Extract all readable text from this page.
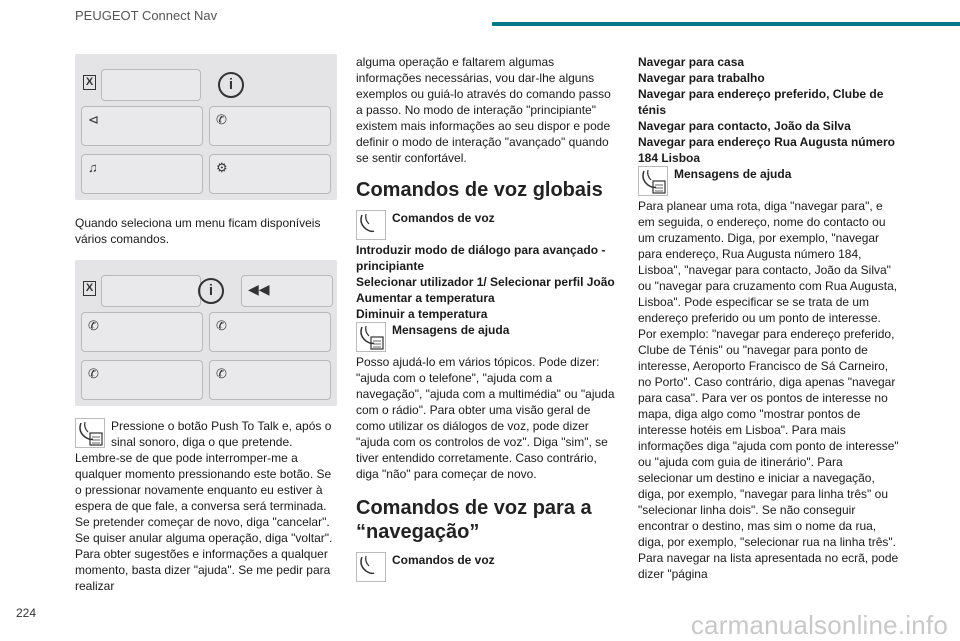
PEUGEOT Connect Nav
X	i
⊲	✆
♫	⚙

Quando seleciona um menu ficam disponíveis vários comandos.

X	i	◀◀
✆	✆
✆	✆

Pressione o botão Push To Talk e, após o sinal sonoro, diga o que pretende.

Lembre-se de que pode interromper-me a qualquer momento pressionando este botão. Se o pressionar novamente enquanto eu estiver à espera de que fale, a conversa será terminada. Se pretender começar de novo, diga "cancelar". Se quiser anular alguma operação, diga "voltar". Para obter sugestões e informações a qualquer momento, basta dizer "ajuda". Se me pedir para realizar

alguma operação e faltarem algumas informações necessárias, vou dar-lhe alguns exemplos ou guiá-lo através do comando passo a passo. No modo de interação "principiante" existem mais informações ao seu dispor e pode definir o modo de interação "avançado" quando se sentir confortável.

Comandos de voz globais

Comandos de voz

Introduzir modo de diálogo para avançado - principiante

Selecionar utilizador 1/ Selecionar perfil João

Aumentar a temperatura

Diminuir a temperatura

Mensagens de ajuda

Posso ajudá-lo em vários tópicos. Pode dizer: "ajuda com o telefone", "ajuda com a navegação", "ajuda com a multimédia" ou "ajuda com o rádio". Para obter uma visão geral de como utilizar os diálogos de voz, pode dizer "ajuda com os controlos de voz". Diga "sim", se tiver entendido corretamente. Caso contrário, diga "não" para começar de novo.

Comandos de voz para a “navegação”

Comandos de voz

Navegar para casa

Navegar para trabalho

Navegar para endereço preferido, Clube de ténis

Navegar para contacto, João da Silva

Navegar para endereço Rua Augusta número 184 Lisboa

Mensagens de ajuda

Para planear uma rota, diga "navegar para", e em seguida, o endereço, nome do contacto ou um cruzamento. Diga, por exemplo, "navegar para endereço, Rua Augusta número 184, Lisboa", "navegar para contacto, João da Silva" ou "navegar para cruzamento com Rua Augusta, Lisboa". Pode especificar se se trata de um endereço preferido ou um ponto de interesse. Por exemplo: "navegar para endereço preferido, Clube de Ténis" ou "navegar para ponto de interesse, Aeroporto Francisco de Sá Carneiro, no Porto". Caso contrário, diga apenas "navegar para casa". Para ver os pontos de interesse no mapa, diga algo como "mostrar pontos de interesse hotéis em Lisboa". Para mais informações diga "ajuda com ponto de interesse" ou "ajuda com guia de itinerário". Para selecionar um destino e iniciar a navegação, diga, por exemplo, "navegar para linha três" ou "selecionar linha dois". Se não conseguir encontrar o destino, mas sim o nome da rua, diga, por exemplo, "selecionar rua na linha três". Para navegar na lista apresentada no ecrã, pode dizer "página

224	carmanualsonline.info
